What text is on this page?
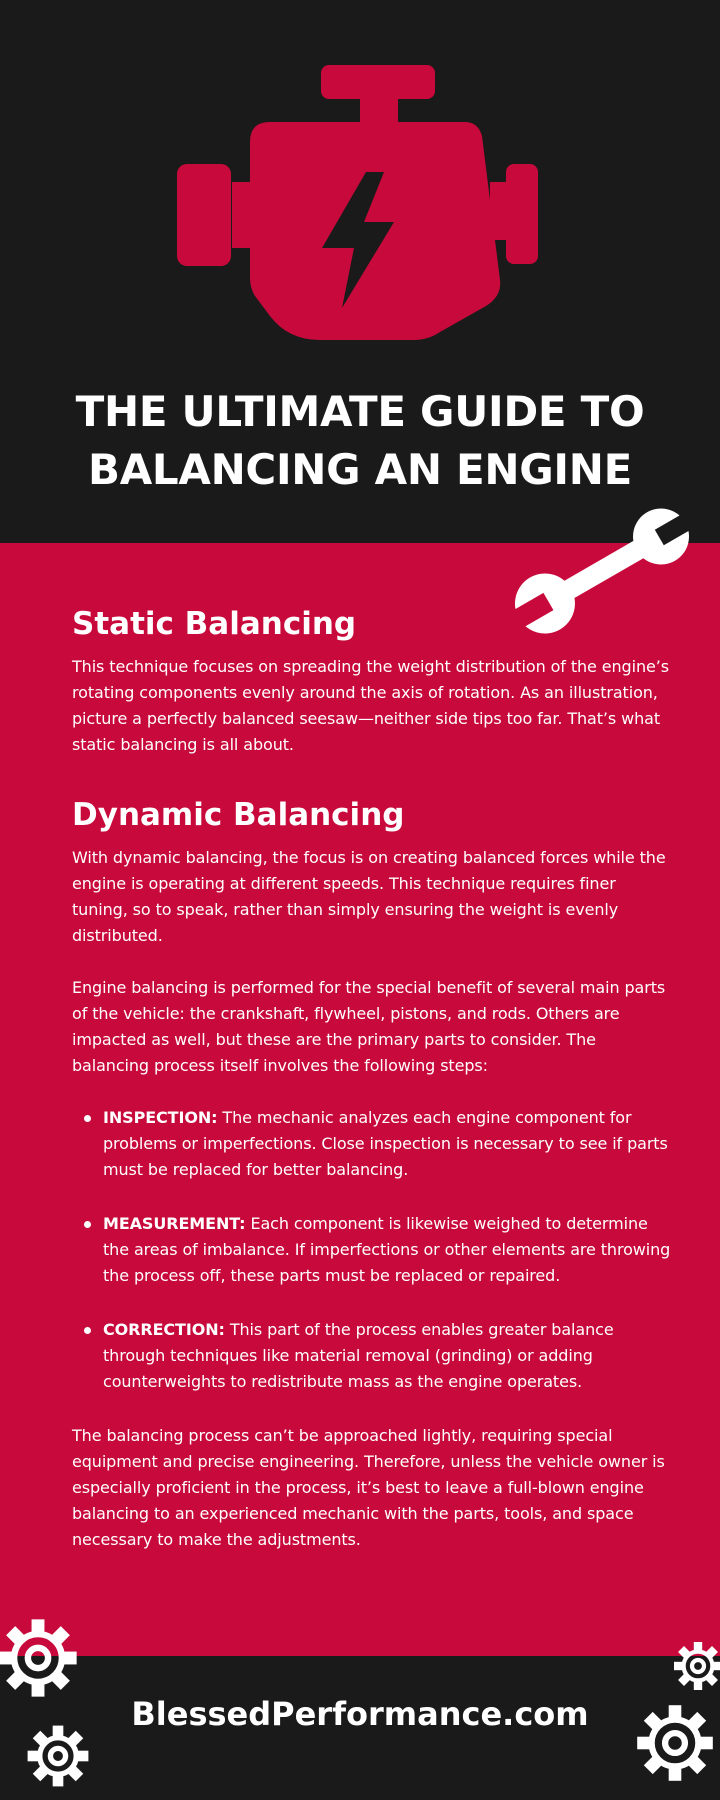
THE ULTIMATE GUIDE TO
BALANCING AN ENGINE
Static Balancing

This technique focuses on spreading the weight distribution of the engine’s rotating components evenly around the axis of rotation. As an illustration, picture a perfectly balanced seesaw—neither side tips too far. That’s what static balancing is all about.

Dynamic Balancing

With dynamic balancing, the focus is on creating balanced forces while the engine is operating at different speeds. This technique requires finer tuning, so to speak, rather than simply ensuring the weight is evenly distributed.

Engine balancing is performed for the special benefit of several main parts of the vehicle: the crankshaft, flywheel, pistons, and rods. Others are impacted as well, but these are the primary parts to consider. The balancing process itself involves the following steps:

INSPECTION: The mechanic analyzes each engine component for problems or imperfections. Close inspection is necessary to see if parts must be replaced for better balancing.

MEASUREMENT: Each component is likewise weighed to determine the areas of imbalance. If imperfections or other elements are throwing the process off, these parts must be replaced or repaired.

CORRECTION: This part of the process enables greater balance through techniques like material removal (grinding) or adding counterweights to redistribute mass as the engine operates.

The balancing process can’t be approached lightly, requiring special equipment and precise engineering. Therefore, unless the vehicle owner is especially proficient in the process, it’s best to leave a full-blown engine balancing to an experienced mechanic with the parts, tools, and space necessary to make the adjustments.

BlessedPerformance.com
